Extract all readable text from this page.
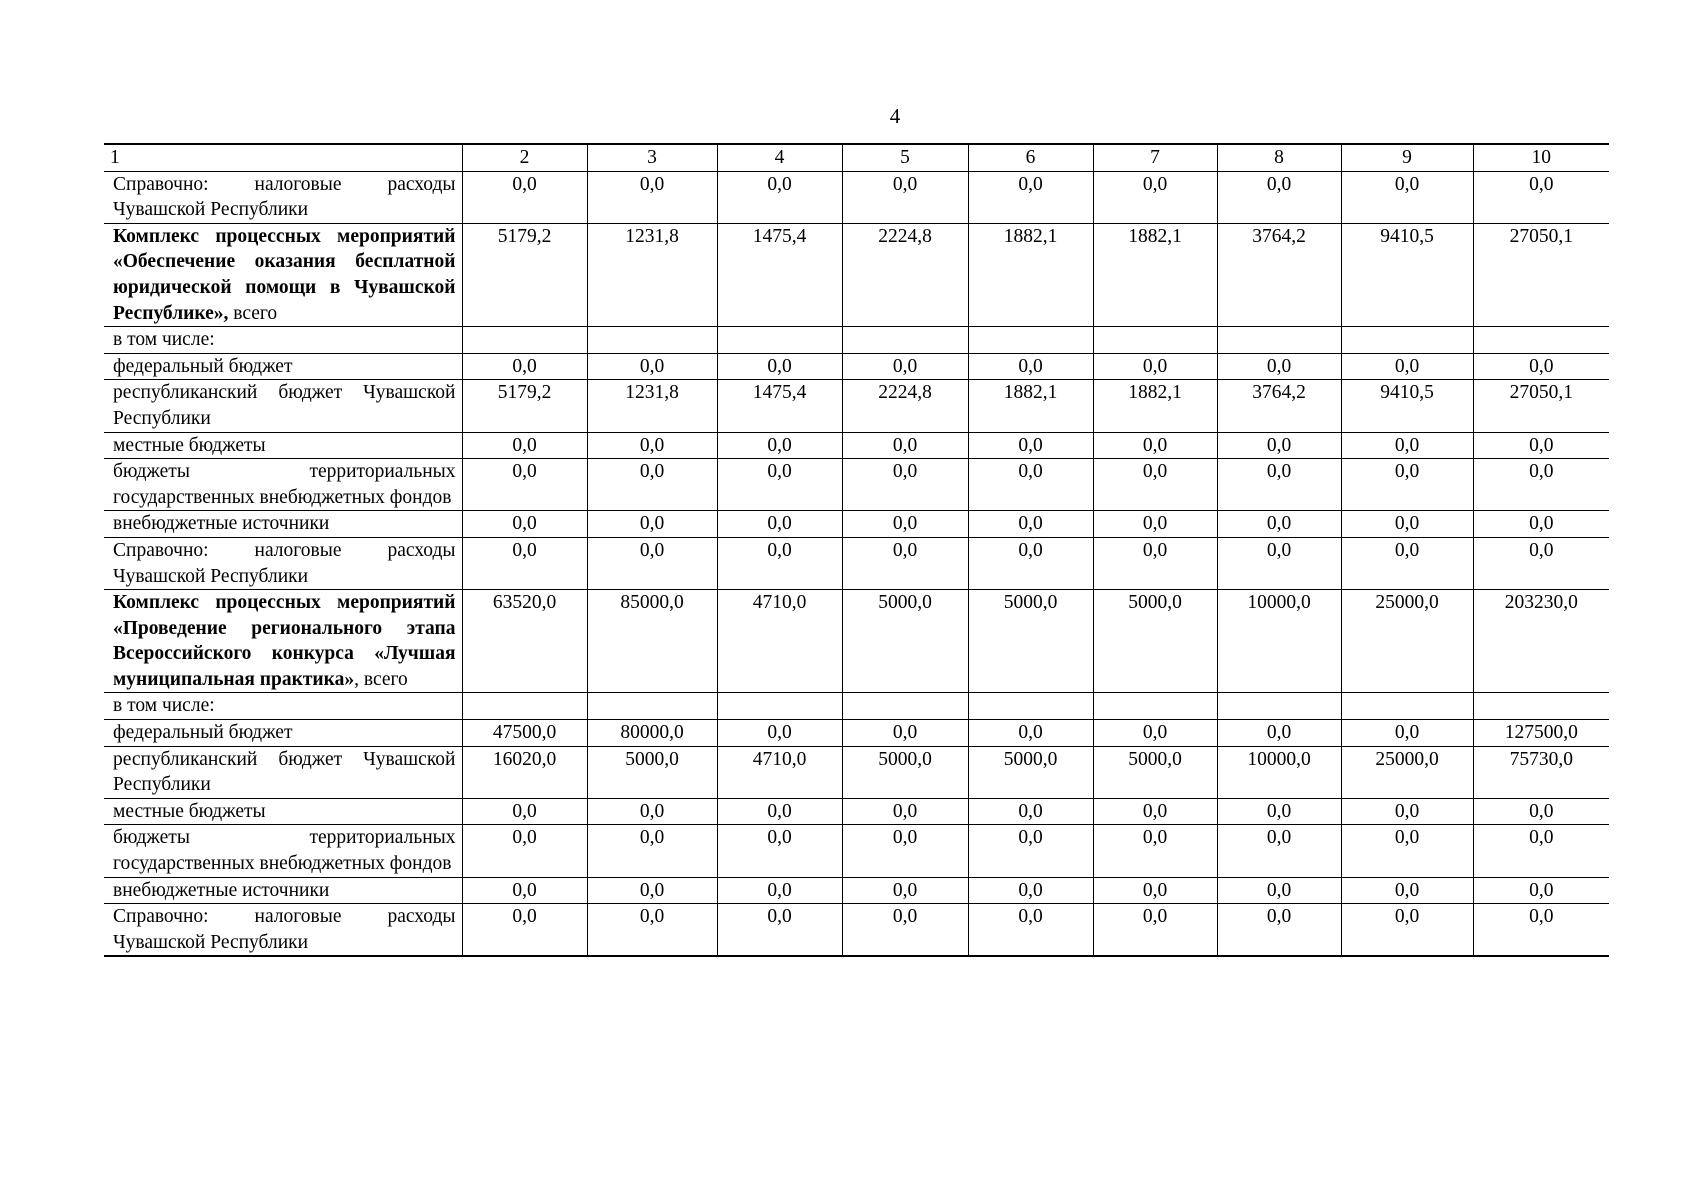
4
1	2	3	4	5	6	7	8	9	10
Справочно: налоговые расходы Чувашской Республики	0,0	0,0	0,0	0,0	0,0	0,0	0,0	0,0	0,0
Комплекс процессных мероприятий «Обеспечение оказания бесплатной юридической помощи в Чувашской Республике», всего	5179,2	1231,8	1475,4	2224,8	1882,1	1882,1	3764,2	9410,5	27050,1
в том числе:									
федеральный бюджет	0,0	0,0	0,0	0,0	0,0	0,0	0,0	0,0	0,0
республиканский бюджет Чувашской Республики	5179,2	1231,8	1475,4	2224,8	1882,1	1882,1	3764,2	9410,5	27050,1
местные бюджеты	0,0	0,0	0,0	0,0	0,0	0,0	0,0	0,0	0,0
бюджеты территориальных государственных внебюджетных фондов	0,0	0,0	0,0	0,0	0,0	0,0	0,0	0,0	0,0
внебюджетные источники	0,0	0,0	0,0	0,0	0,0	0,0	0,0	0,0	0,0
Справочно: налоговые расходы Чувашской Республики	0,0	0,0	0,0	0,0	0,0	0,0	0,0	0,0	0,0
Комплекс процессных мероприятий «Проведение регионального этапа Всероссийского конкурса «Лучшая муниципальная практика», всего	63520,0	85000,0	4710,0	5000,0	5000,0	5000,0	10000,0	25000,0	203230,0
в том числе:									
федеральный бюджет	47500,0	80000,0	0,0	0,0	0,0	0,0	0,0	0,0	127500,0
республиканский бюджет Чувашской Республики	16020,0	5000,0	4710,0	5000,0	5000,0	5000,0	10000,0	25000,0	75730,0
местные бюджеты	0,0	0,0	0,0	0,0	0,0	0,0	0,0	0,0	0,0
бюджеты территориальных государственных внебюджетных фондов	0,0	0,0	0,0	0,0	0,0	0,0	0,0	0,0	0,0
внебюджетные источники	0,0	0,0	0,0	0,0	0,0	0,0	0,0	0,0	0,0
Справочно: налоговые расходы Чувашской Республики	0,0	0,0	0,0	0,0	0,0	0,0	0,0	0,0	0,0
